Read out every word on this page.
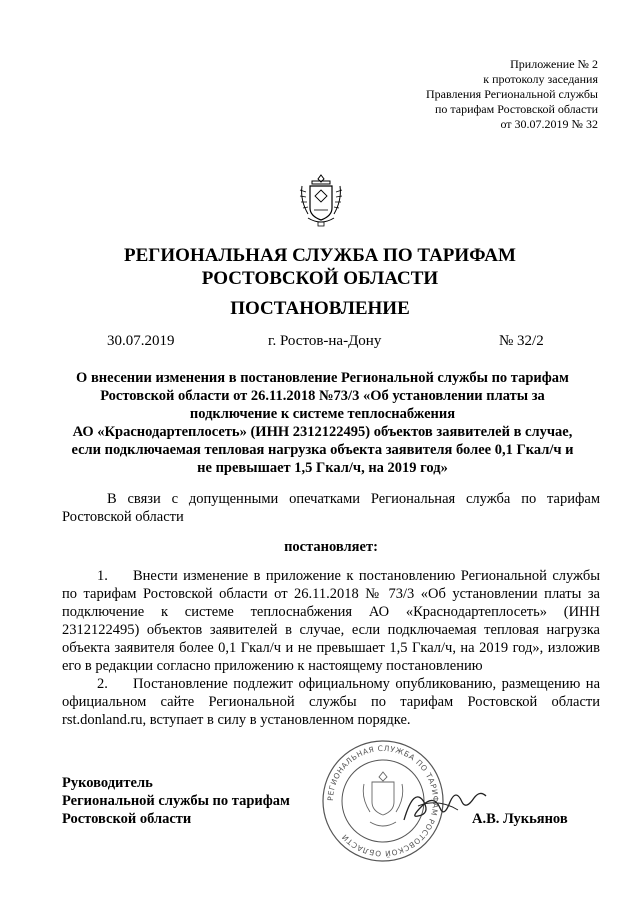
Приложение № 2
к протоколу заседания
Правления Региональной службы
по тарифам Ростовской области
от 30.07.2019 № 32
РЕГИОНАЛЬНАЯ СЛУЖБА ПО ТАРИФАМ
РОСТОВСКОЙ ОБЛАСТИ
ПОСТАНОВЛЕНИЕ
30.07.2019	г. Ростов-на-Дону	№ 32/2
О внесении изменения в постановление Региональной службы по тарифам
Ростовской области от 26.11.2018 №73/3 «Об установлении платы за
подключение к системе теплоснабжения
АО «Краснодартеплосеть» (ИНН 2312122495) объектов заявителей в случае,
если подключаемая тепловая нагрузка объекта заявителя более 0,1 Гкал/ч и
не превышает 1,5 Гкал/ч, на 2019 год»
В связи с допущенными опечатками Региональная служба по тарифам Ростовской области
постановляет:
1. Внести изменение в приложение к постановлению Региональной службы по тарифам Ростовской области от 26.11.2018 № 73/3 «Об установлении платы за подключение к системе теплоснабжения АО «Краснодартеплосеть» (ИНН 2312122495) объектов заявителей в случае, если подключаемая тепловая нагрузка объекта заявителя более 0,1 Гкал/ч и не превышает 1,5 Гкал/ч, на 2019 год», изложив его в редакции согласно приложению к настоящему постановлению
2. Постановление подлежит официальному опубликованию, размещению на официальном сайте Региональной службы по тарифам Ростовской области rst.donland.ru, вступает в силу в установленном порядке.
РЕГИОНАЛЬНАЯ СЛУЖБА ПО ТАРИФАМ РОСТОВСКОЙ ОБЛАСТИ
Руководитель
Региональной службы по тарифам
Ростовской области	А.В. Лукьянов
